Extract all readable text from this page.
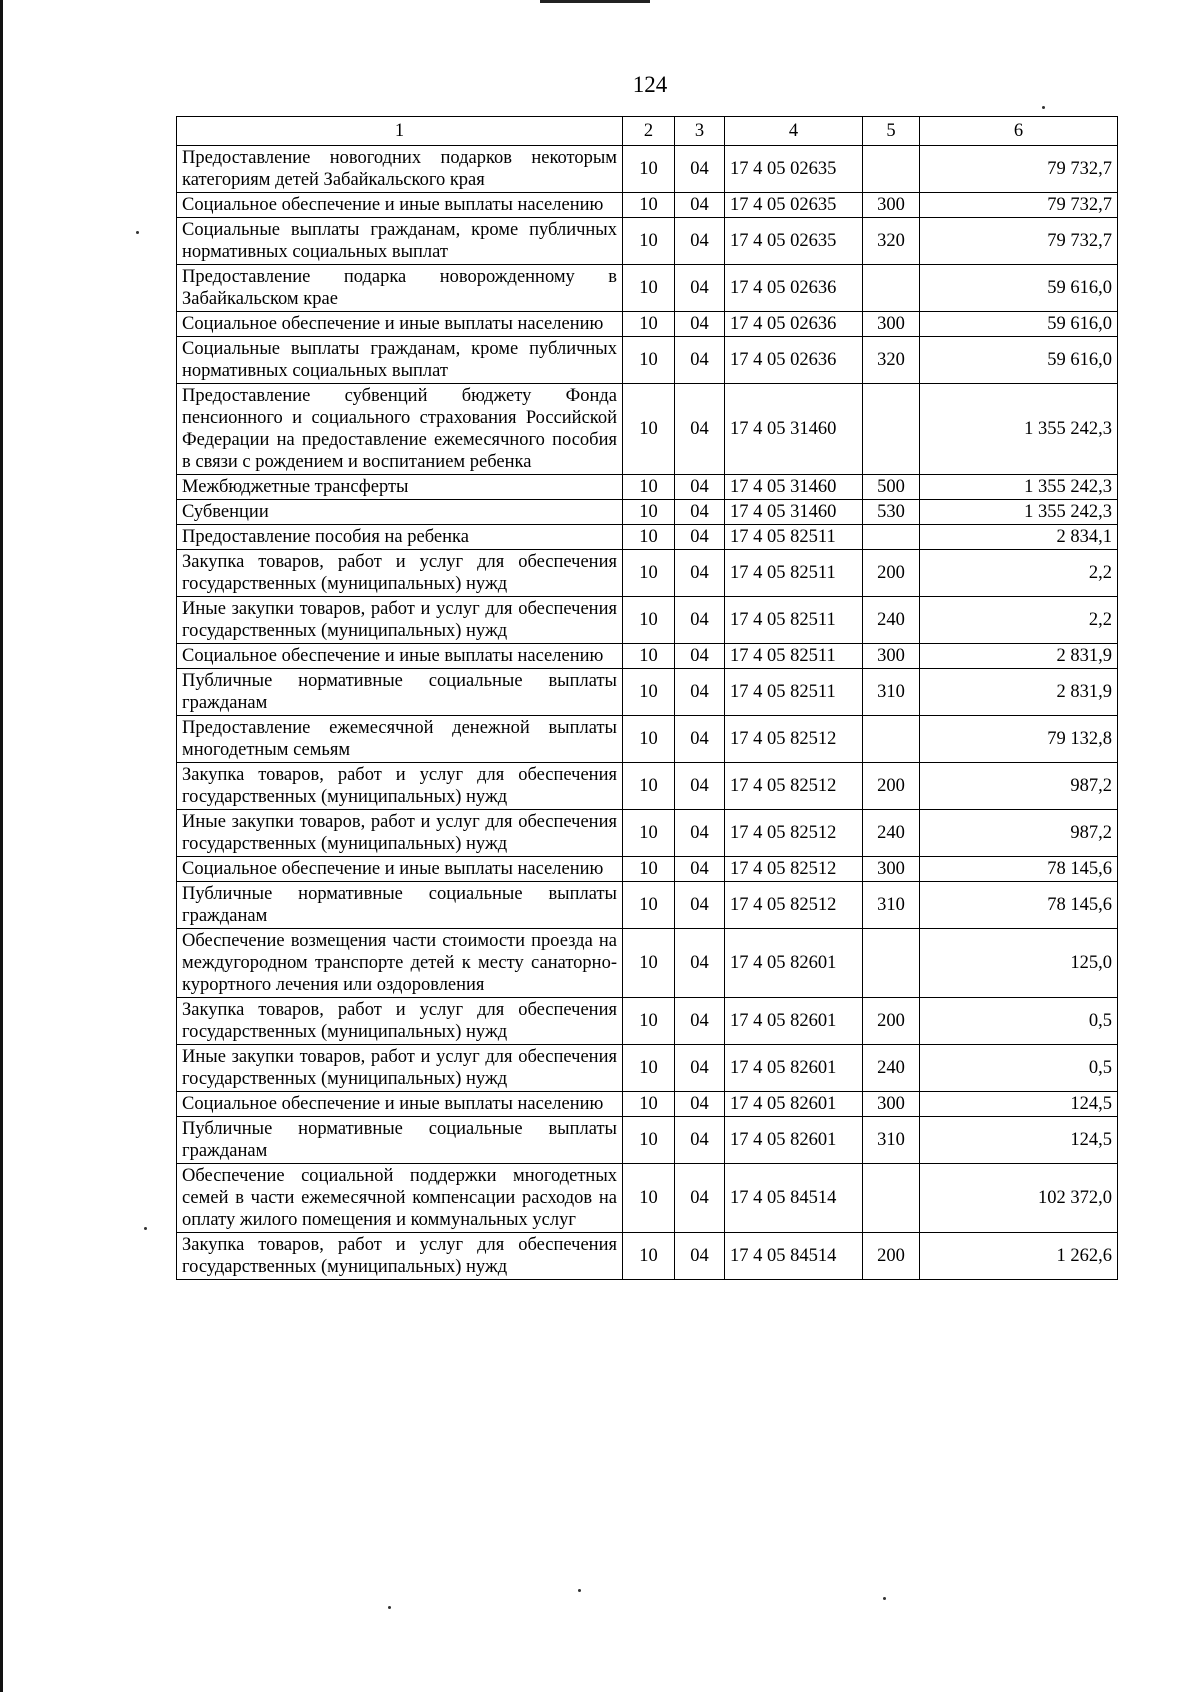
124
1	2	3	4	5	6
Предоставление новогодних подарков некоторым категориям детей Забайкальского края	10	04	17 4 05 02635		79 732,7
Социальное обеспечение и иные выплаты населению	10	04	17 4 05 02635	300	79 732,7
Социальные выплаты гражданам, кроме публичных нормативных социальных выплат	10	04	17 4 05 02635	320	79 732,7
Предоставление подарка новорожденному в Забайкальском крае	10	04	17 4 05 02636		59 616,0
Социальное обеспечение и иные выплаты населению	10	04	17 4 05 02636	300	59 616,0
Социальные выплаты гражданам, кроме публичных нормативных социальных выплат	10	04	17 4 05 02636	320	59 616,0
Предоставление субвенций бюджету Фонда пенсионного и социального страхования Российской Федерации на предоставление ежемесячного пособия в связи с рождением и воспитанием ребенка	10	04	17 4 05 31460		1 355 242,3
Межбюджетные трансферты	10	04	17 4 05 31460	500	1 355 242,3
Субвенции	10	04	17 4 05 31460	530	1 355 242,3
Предоставление пособия на ребенка	10	04	17 4 05 82511		2 834,1
Закупка товаров, работ и услуг для обеспечения государственных (муниципальных) нужд	10	04	17 4 05 82511	200	2,2
Иные закупки товаров, работ и услуг для обеспечения государственных (муниципальных) нужд	10	04	17 4 05 82511	240	2,2
Социальное обеспечение и иные выплаты населению	10	04	17 4 05 82511	300	2 831,9
Публичные нормативные социальные выплаты гражданам	10	04	17 4 05 82511	310	2 831,9
Предоставление ежемесячной денежной выплаты многодетным семьям	10	04	17 4 05 82512		79 132,8
Закупка товаров, работ и услуг для обеспечения государственных (муниципальных) нужд	10	04	17 4 05 82512	200	987,2
Иные закупки товаров, работ и услуг для обеспечения государственных (муниципальных) нужд	10	04	17 4 05 82512	240	987,2
Социальное обеспечение и иные выплаты населению	10	04	17 4 05 82512	300	78 145,6
Публичные нормативные социальные выплаты гражданам	10	04	17 4 05 82512	310	78 145,6
Обеспечение возмещения части стоимости проезда на междугородном транспорте детей к месту санаторно-курортного лечения или оздоровления	10	04	17 4 05 82601		125,0
Закупка товаров, работ и услуг для обеспечения государственных (муниципальных) нужд	10	04	17 4 05 82601	200	0,5
Иные закупки товаров, работ и услуг для обеспечения государственных (муниципальных) нужд	10	04	17 4 05 82601	240	0,5
Социальное обеспечение и иные выплаты населению	10	04	17 4 05 82601	300	124,5
Публичные нормативные социальные выплаты гражданам	10	04	17 4 05 82601	310	124,5
Обеспечение социальной поддержки многодетных семей в части ежемесячной компенсации расходов на оплату жилого помещения и коммунальных услуг	10	04	17 4 05 84514		102 372,0
Закупка товаров, работ и услуг для обеспечения государственных (муниципальных) нужд	10	04	17 4 05 84514	200	1 262,6
